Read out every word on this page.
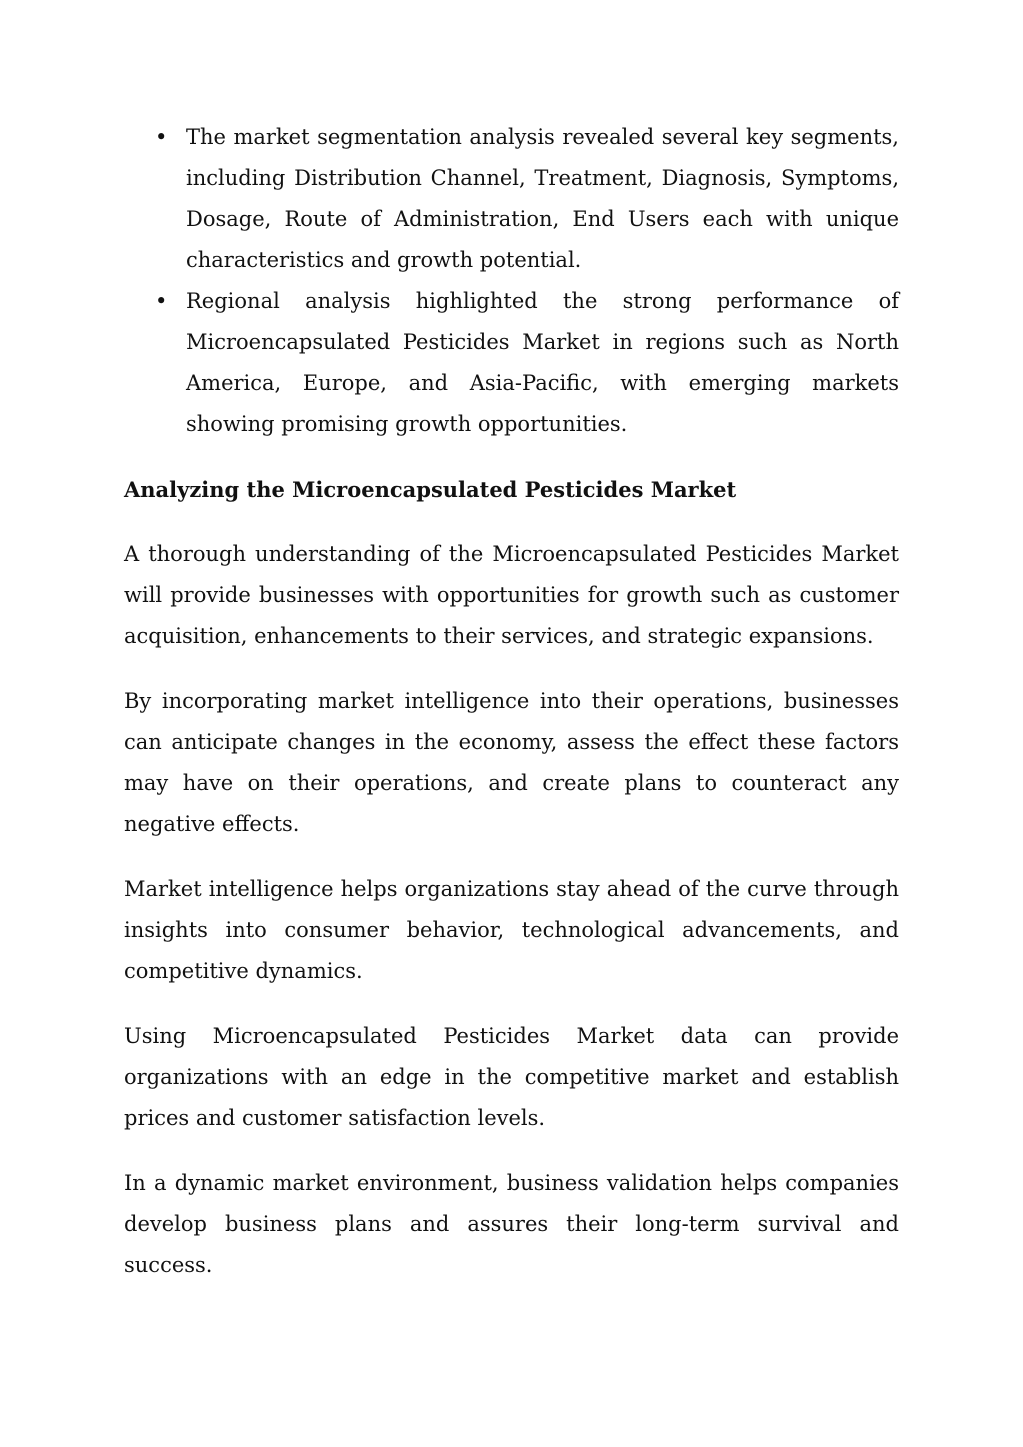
• The market segmentation analysis revealed several key segments, including Distribution Channel, Treatment, Diagnosis, Symptoms, Dosage, Route of Administration, End Users each with unique characteristics and growth potential.
• Regional analysis highlighted the strong performance of Microencapsulated Pesticides Market in regions such as North America, Europe, and Asia-Pacific, with emerging markets showing promising growth opportunities.
Analyzing the Microencapsulated Pesticides Market

A thorough understanding of the Microencapsulated Pesticides Market will provide businesses with opportunities for growth such as customer acquisition, enhancements to their services, and strategic expansions.

By incorporating market intelligence into their operations, businesses can anticipate changes in the economy, assess the effect these factors may have on their operations, and create plans to counteract any negative effects.

Market intelligence helps organizations stay ahead of the curve through insights into consumer behavior, technological advancements, and competitive dynamics.

Using Microencapsulated Pesticides Market data can provide organizations with an edge in the competitive market and establish prices and customer satisfaction levels.

In a dynamic market environment, business validation helps companies develop business plans and assures their long-term survival and success.
